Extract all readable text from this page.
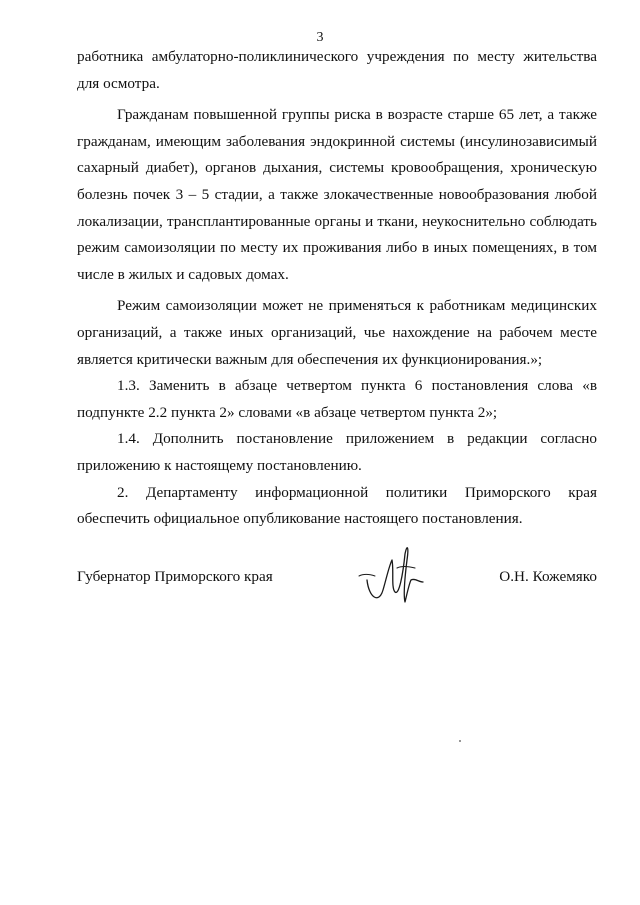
3

работника амбулаторно-поликлинического учреждения по месту жительства для осмотра.

Гражданам повышенной группы риска в возрасте старше 65 лет, а также гражданам, имеющим заболевания эндокринной системы (инсулинозависимый сахарный диабет), органов дыхания, системы кровообращения, хроническую болезнь почек 3 – 5 стадии, а также злокачественные новообразования любой локализации, трансплантированные органы и ткани, неукоснительно соблюдать режим самоизоляции по месту их проживания либо в иных помещениях, в том числе в жилых и садовых домах.

Режим самоизоляции может не применяться к работникам медицинских организаций, а также иных организаций, чье нахождение на рабочем месте является критически важным для обеспечения их функционирования.»;

1.3. Заменить в абзаце четвертом пункта 6 постановления слова «в подпункте 2.2 пункта 2» словами «в абзаце четвертом пункта 2»;

1.4. Дополнить постановление приложением в редакции согласно приложению к настоящему постановлению.

2. Департаменту информационной политики Приморского края обеспечить официальное опубликование настоящего постановления.

Губернатор Приморского края	О.Н. Кожемяко
